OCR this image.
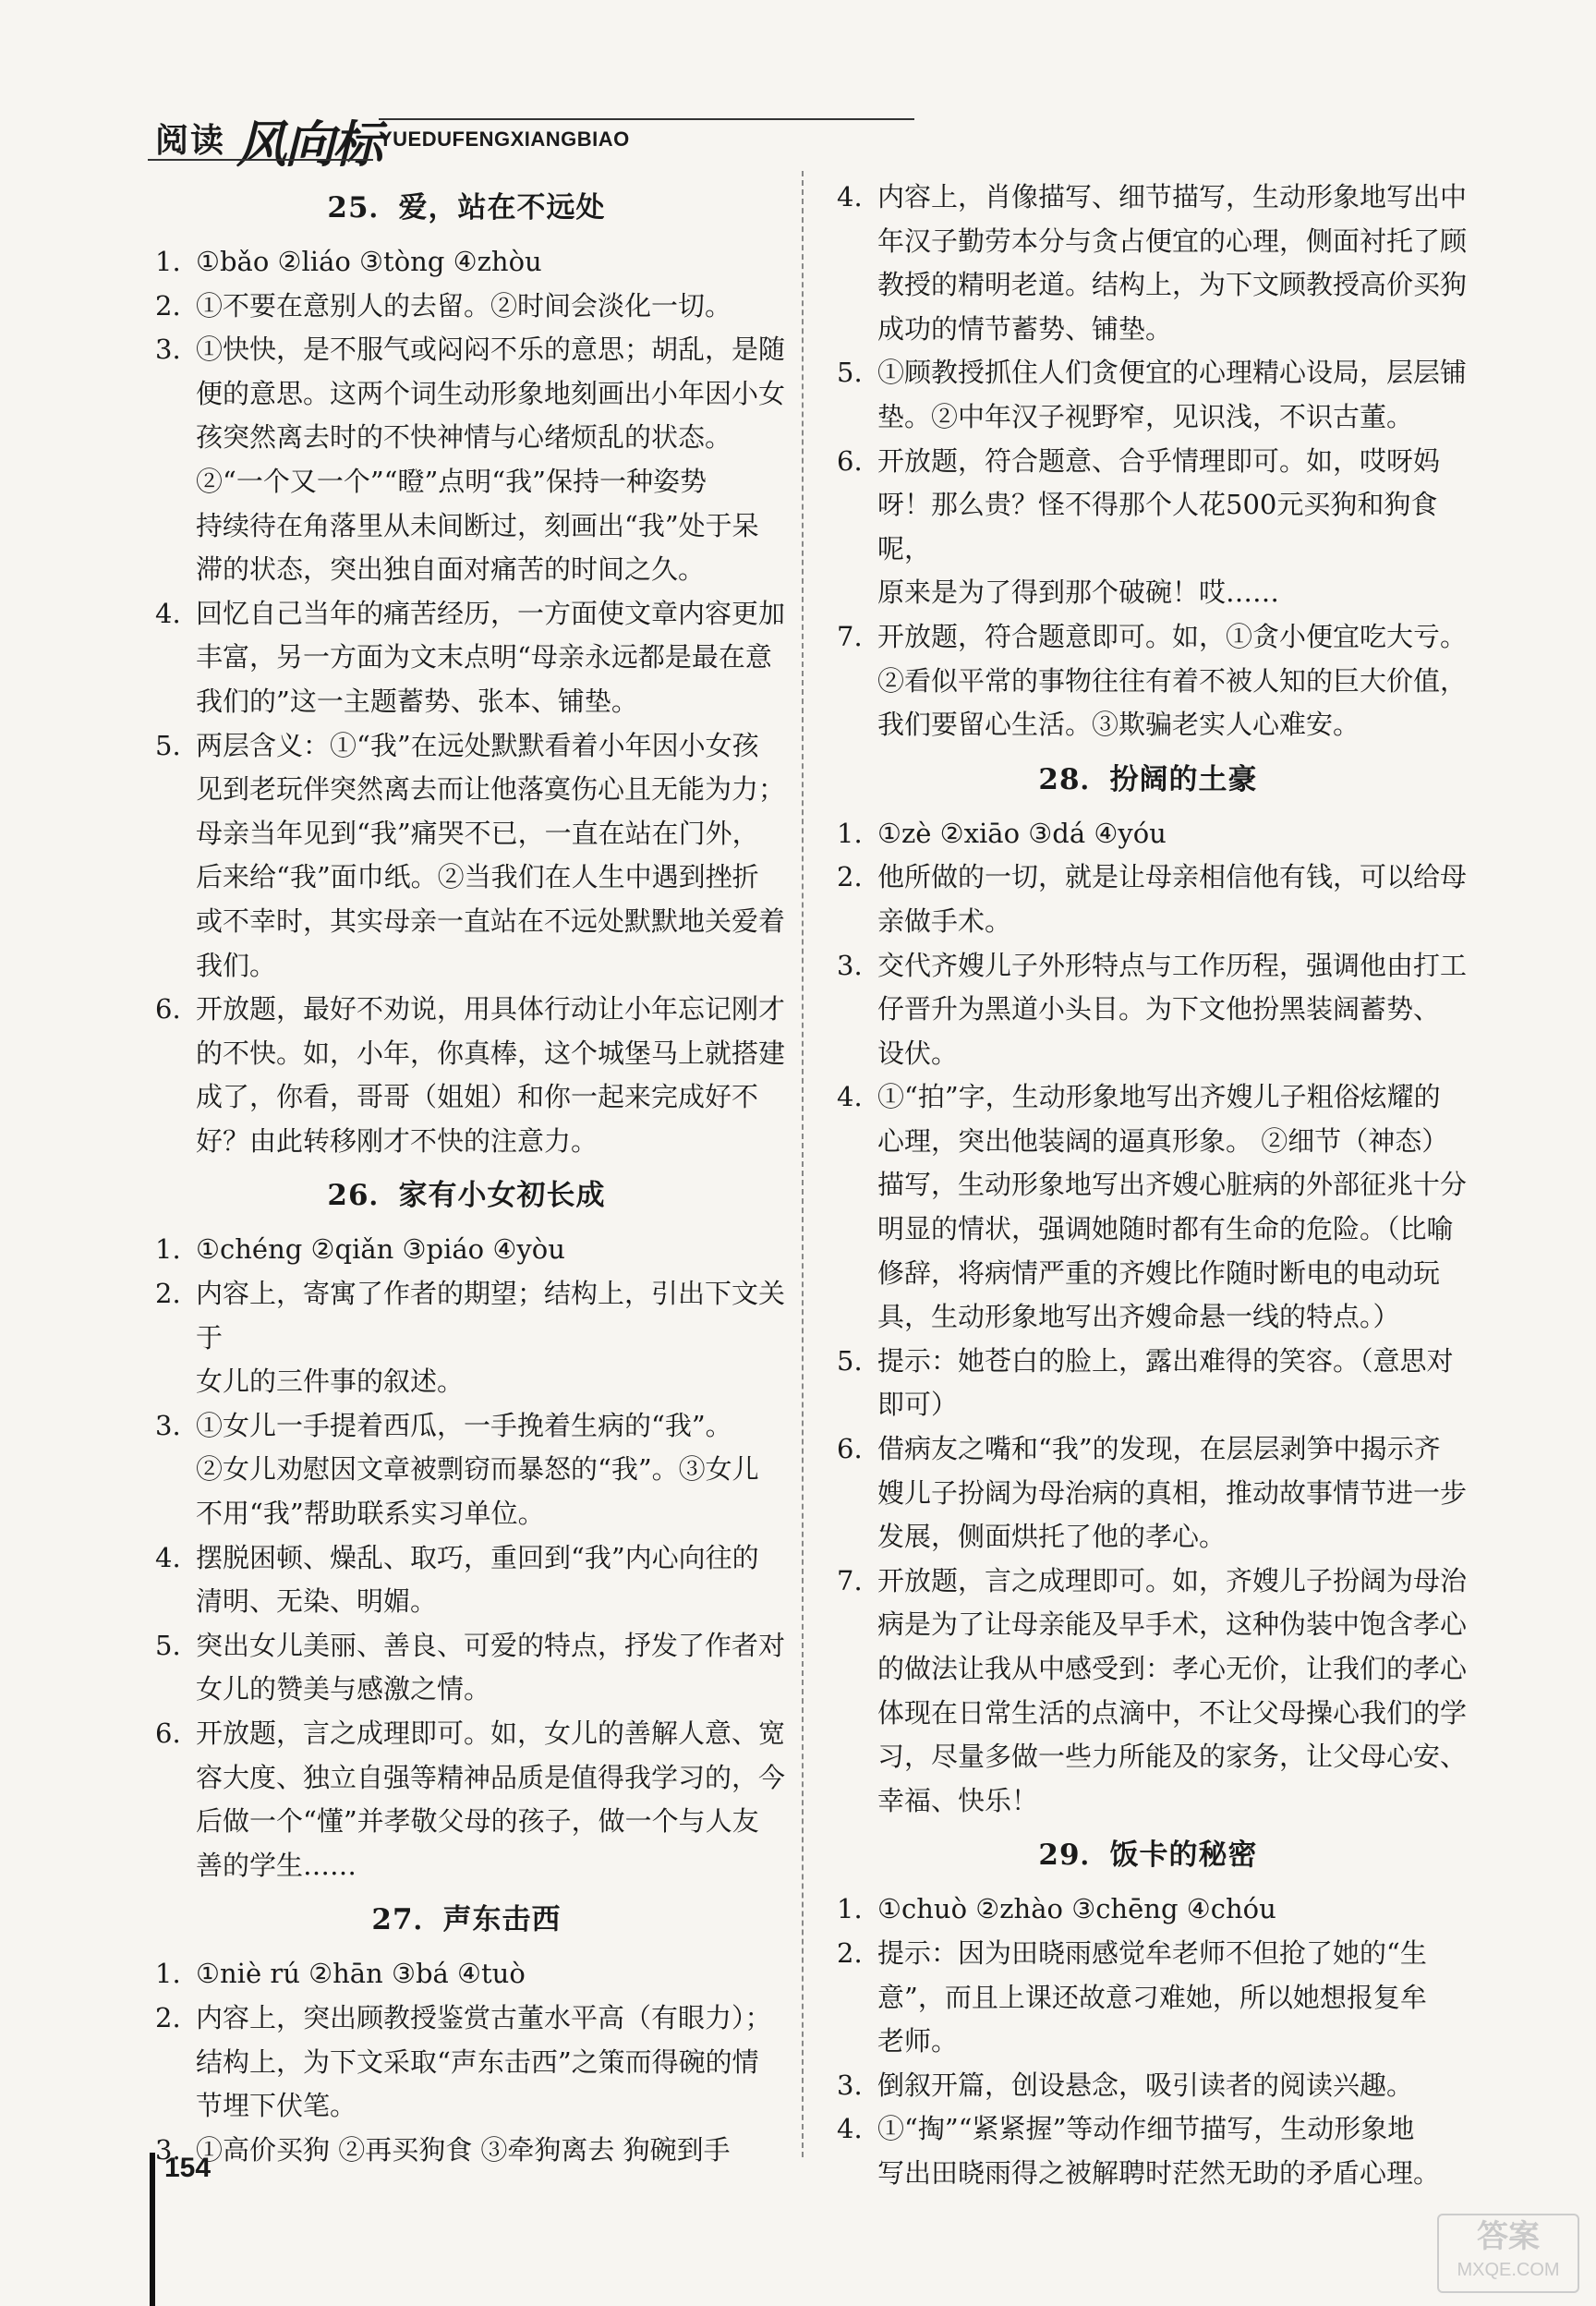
阅读 风向标
YUEDUFENGXIANGBIAO
25．爱，站在不远处
1. ①bǎo ②liáo ③tòng ④zhòu
2. ①不要在意别人的去留。②时间会淡化一切。
3. ①快快，是不服气或闷闷不乐的意思；胡乱，是随
便的意思。这两个词生动形象地刻画出小年因小女
孩突然离去时的不快神情与心绪烦乱的状态。
②“一个又一个”“瞪”点明“我”保持一种姿势
持续待在角落里从未间断过，刻画出“我”处于呆
滞的状态，突出独自面对痛苦的时间之久。
4. 回忆自己当年的痛苦经历，一方面使文章内容更加
丰富，另一方面为文末点明“母亲永远都是最在意
我们的”这一主题蓄势、张本、铺垫。
5. 两层含义：①“我”在远处默默看着小年因小女孩
见到老玩伴突然离去而让他落寞伤心且无能为力；
母亲当年见到“我”痛哭不已，一直在站在门外，
后来给“我”面巾纸。②当我们在人生中遇到挫折
或不幸时，其实母亲一直站在不远处默默地关爱着
我们。
6. 开放题，最好不劝说，用具体行动让小年忘记刚才
的不快。如，小年，你真棒，这个城堡马上就搭建
成了，你看，哥哥（姐姐）和你一起来完成好不
好？由此转移刚才不快的注意力。
26．家有小女初长成
1. ①chéng ②qiǎn ③piáo ④yòu
2. 内容上，寄寓了作者的期望；结构上，引出下文关于
女儿的三件事的叙述。
3. ①女儿一手提着西瓜，一手挽着生病的“我”。
②女儿劝慰因文章被剽窃而暴怒的“我”。③女儿
不用“我”帮助联系实习单位。
4. 摆脱困顿、燥乱、取巧，重回到“我”内心向往的
清明、无染、明媚。
5. 突出女儿美丽、善良、可爱的特点，抒发了作者对
女儿的赞美与感激之情。
6. 开放题，言之成理即可。如，女儿的善解人意、宽
容大度、独立自强等精神品质是值得我学习的，今
后做一个“懂”并孝敬父母的孩子，做一个与人友
善的学生……
27．声东击西
1. ①niè rú ②hān ③bá ④tuò
2. 内容上，突出顾教授鉴赏古董水平高（有眼力）；
结构上，为下文采取“声东击西”之策而得碗的情
节埋下伏笔。
3. ①高价买狗 ②再买狗食 ③牵狗离去 狗碗到手
4. 内容上，肖像描写、细节描写，生动形象地写出中
年汉子勤劳本分与贪占便宜的心理，侧面衬托了顾
教授的精明老道。结构上，为下文顾教授高价买狗
成功的情节蓄势、铺垫。
5. ①顾教授抓住人们贪便宜的心理精心设局，层层铺
垫。②中年汉子视野窄，见识浅，不识古董。
6. 开放题，符合题意、合乎情理即可。如，哎呀妈
呀！那么贵？怪不得那个人花500元买狗和狗食呢，
原来是为了得到那个破碗！哎……
7. 开放题，符合题意即可。如，①贪小便宜吃大亏。
②看似平常的事物往往有着不被人知的巨大价值，
我们要留心生活。③欺骗老实人心难安。
28．扮阔的土豪
1. ①zè ②xiāo ③dá ④yóu
2. 他所做的一切，就是让母亲相信他有钱，可以给母
亲做手术。
3. 交代齐嫂儿子外形特点与工作历程，强调他由打工
仔晋升为黑道小头目。为下文他扮黑装阔蓄势、
设伏。
4. ①“拍”字，生动形象地写出齐嫂儿子粗俗炫耀的
心理，突出他装阔的逼真形象。 ②细节（神态）
描写，生动形象地写出齐嫂心脏病的外部征兆十分
明显的情状，强调她随时都有生命的危险。（比喻
修辞，将病情严重的齐嫂比作随时断电的电动玩
具，生动形象地写出齐嫂命悬一线的特点。）
5. 提示：她苍白的脸上，露出难得的笑容。（意思对
即可）
6. 借病友之嘴和“我”的发现，在层层剥笋中揭示齐
嫂儿子扮阔为母治病的真相，推动故事情节进一步
发展，侧面烘托了他的孝心。
7. 开放题，言之成理即可。如，齐嫂儿子扮阔为母治
病是为了让母亲能及早手术，这种伪装中饱含孝心
的做法让我从中感受到：孝心无价，让我们的孝心
体现在日常生活的点滴中，不让父母操心我们的学
习，尽量多做一些力所能及的家务，让父母心安、
幸福、快乐！
29．饭卡的秘密
1. ①chuò ②zhào ③chēng ④chóu
2. 提示：因为田晓雨感觉牟老师不但抢了她的“生
意”，而且上课还故意刁难她，所以她想报复牟
老师。
3. 倒叙开篇，创设悬念，吸引读者的阅读兴趣。
4. ①“掏”“紧紧握”等动作细节描写，生动形象地
写出田晓雨得之被解聘时茫然无助的矛盾心理。
154
答案
MXQE.COM
